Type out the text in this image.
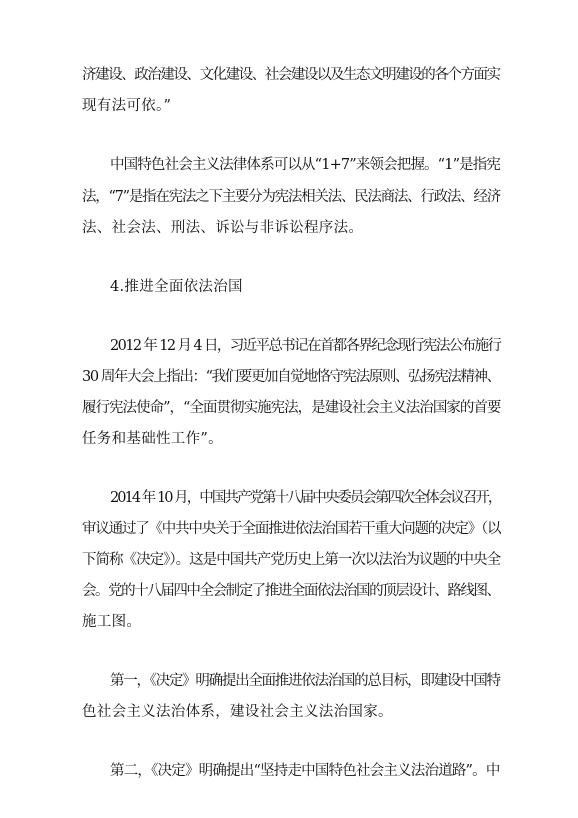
济建设、政治建设、文化建设、社会建设以及生态文明建设的各个方面实
现有法可依。”
中国特色社会主义法律体系可以从“1+7”来领会把握。“1”是指宪
法，“7”是指在宪法之下主要分为宪法相关法、民法商法、行政法、经济
法、社会法、刑法、诉讼与非诉讼程序法。
4.推进全面依法治国
2012 年 12 月 4 日，习近平总书记在首都各界纪念现行宪法公布施行
30 周年大会上指出：“我们要更加自觉地恪守宪法原则、弘扬宪法精神、
履行宪法使命”，“全面贯彻实施宪法，是建设社会主义法治国家的首要
任务和基础性工作”。
2014 年 10 月，中国共产党第十八届中央委员会第四次全体会议召开，
审议通过了《中共中央关于全面推进依法治国若干重大问题的决定》（以
下简称《决定》）。这是中国共产党历史上第一次以法治为议题的中央全
会。党的十八届四中全会制定了推进全面依法治国的顶层设计、路线图、
施工图。
第一，《决定》明确提出全面推进依法治国的总目标，即建设中国特
色社会主义法治体系，建设社会主义法治国家。
第二，《决定》明确提出“坚持走中国特色社会主义法治道路”。中
